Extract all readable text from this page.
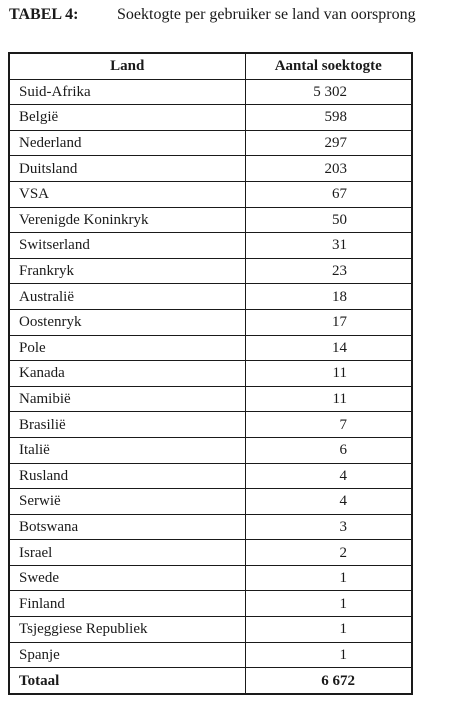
TABEL 4: Soektogte per gebruiker se land van oorsprong
Land	Aantal soektogte
Suid-Afrika	5 302
België	598
Nederland	297
Duitsland	203
VSA	67
Verenigde Koninkryk	50
Switserland	31
Frankryk	23
Australië	18
Oostenryk	17
Pole	14
Kanada	11
Namibië	11
Brasilië	7
Italië	6
Rusland	4
Serwië	4
Botswana	3
Israel	2
Swede	1
Finland	1
Tsjeggiese Republiek	1
Spanje	1
Totaal	6 672
